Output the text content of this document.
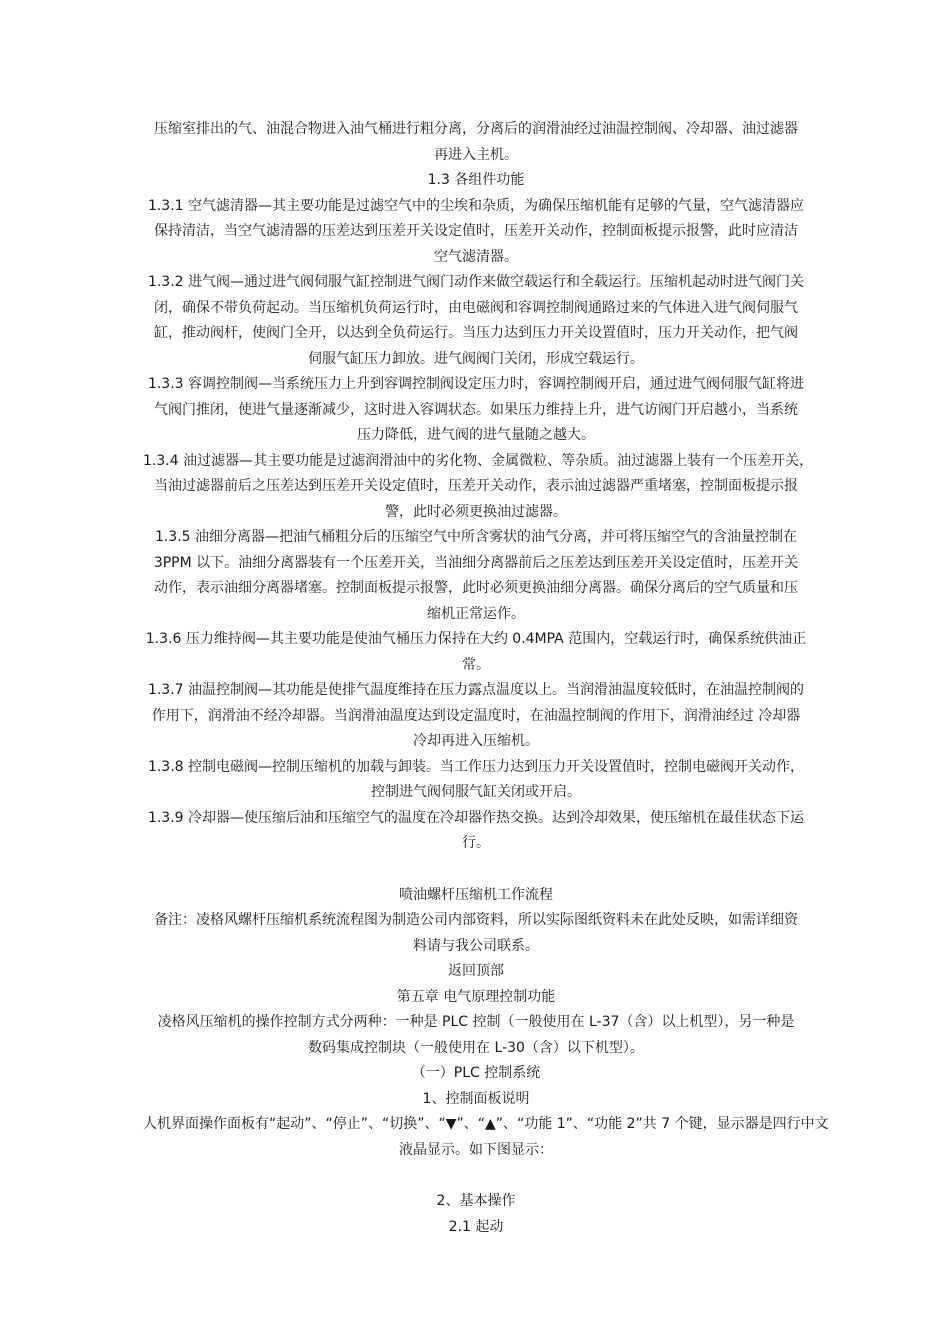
压缩室排出的气、油混合物进入油气桶进行粗分离，分离后的润滑油经过油温控制阀、冷却器、油过滤器
再进入主机。
1.3 各组件功能
1.3.1 空气滤清器—其主要功能是过滤空气中的尘埃和杂质，为确保压缩机能有足够的气量，空气滤清器应
保持清洁，当空气滤清器的压差达到压差开关设定值时，压差开关动作，控制面板提示报警，此时应清洁
空气滤清器。
1.3.2 进气阀—通过进气阀伺服气缸控制进气阀门动作来做空载运行和全载运行。压缩机起动时进气阀门关
闭，确保不带负荷起动。当压缩机负荷运行时，由电磁阀和容调控制阀通路过来的气体进入进气阀伺服气
缸，推动阀杆，使阀门全开，以达到全负荷运行。当压力达到压力开关设置值时，压力开关动作，把气阀
伺服气缸压力卸放。进气阀阀门关闭，形成空载运行。
1.3.3 容调控制阀—当系统压力上升到容调控制阀设定压力时，容调控制阀开启，通过进气阀伺服气缸将进
气阀门推闭，使进气量逐渐减少，这时进入容调状态。如果压力维持上升，进气访阀门开启越小，当系统
压力降低，进气阀的进气量随之越大。
1.3.4 油过滤器—其主要功能是过滤润滑油中的劣化物、金属微粒、等杂质。油过滤器上装有一个压差开关，
当油过滤器前后之压差达到压差开关设定值时，压差开关动作，表示油过滤器严重堵塞，控制面板提示报
警，此时必须更换油过滤器。
1.3.5 油细分离器—把油气桶粗分后的压缩空气中所含雾状的油气分离，并可将压缩空气的含油量控制在
3PPM 以下。油细分离器装有一个压差开关，当油细分离器前后之压差达到压差开关设定值时，压差开关
动作，表示油细分离器堵塞。控制面板提示报警，此时必须更换油细分离器。确保分离后的空气质量和压
缩机正常运作。
1.3.6 压力维持阀—其主要功能是使油气桶压力保持在大约 0.4MPA 范围内，空载运行时，确保系统供油正
常。
1.3.7 油温控制阀—其功能是使排气温度维持在压力露点温度以上。当润滑油温度较低时，在油温控制阀的
作用下，润滑油不经冷却器。当润滑油温度达到设定温度时，在油温控制阀的作用下，润滑油经过 冷却器
冷却再进入压缩机。
1.3.8 控制电磁阀—控制压缩机的加载与卸装。当工作压力达到压力开关设置值时，控制电磁阀开关动作，
控制进气阀伺服气缸关闭或开启。
1.3.9 冷却器—使压缩后油和压缩空气的温度在冷却器作热交换。达到冷却效果，使压缩机在最佳状态下运
行。
喷油螺杆压缩机工作流程
备注：凌格风螺杆压缩机系统流程图为制造公司内部资料，所以实际图纸资料未在此处反映，如需详细资
料请与我公司联系。
返回顶部
第五章 电气原理控制功能
凌格风压缩机的操作控制方式分两种：一种是 PLC 控制（一般使用在 L-37（含）以上机型），另一种是
数码集成控制块（一般使用在 L-30（含）以下机型）。
（一）PLC 控制系统
1、控制面板说明
人机界面操作面板有“起动”、“停止”、“切换”、“▼”、“▲”、“功能 1”、“功能 2”共 7 个键，显示器是四行中文
液晶显示。如下图显示：
2、基本操作
2.1 起动
